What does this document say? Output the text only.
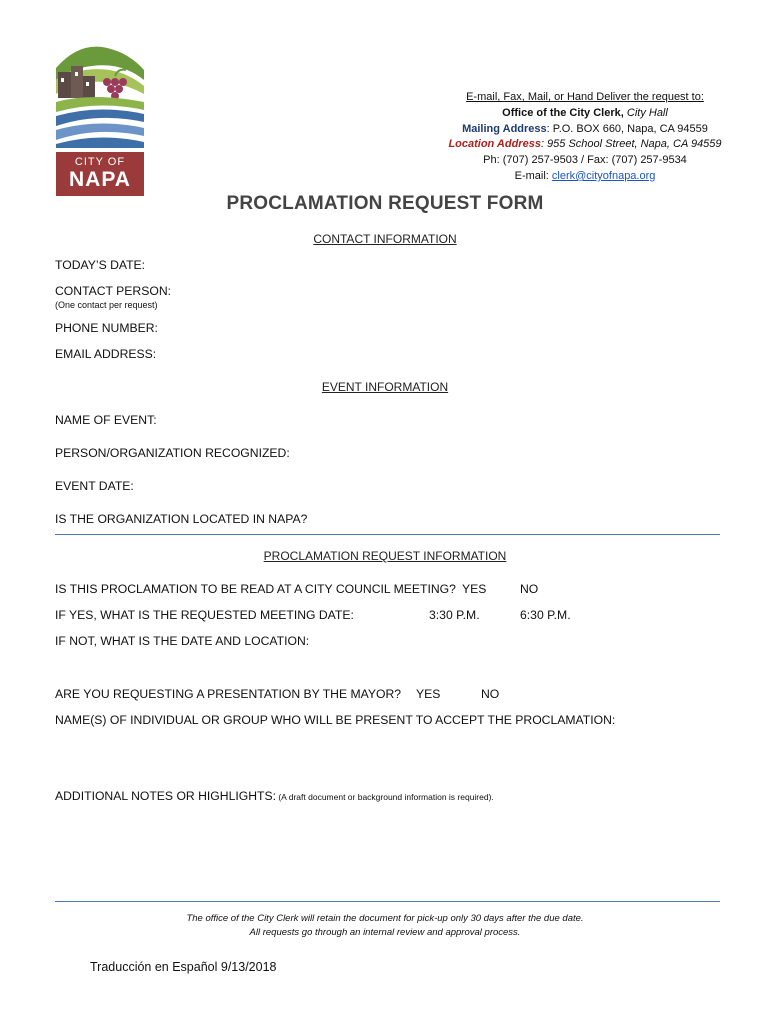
CITY OF
NAPA
E-mail, Fax, Mail, or Hand Deliver the request to:
Office of the City Clerk, City Hall
Mailing Address: P.O. BOX 660, Napa, CA 94559
Location Address: 955 School Street, Napa, CA 94559
Ph: (707) 257-9503 / Fax: (707) 257-9534
E-mail: clerk@cityofnapa.org
PROCLAMATION REQUEST FORM
CONTACT INFORMATION
TODAY’S DATE:
CONTACT PERSON:
(One contact per request)
PHONE NUMBER:
EMAIL ADDRESS:
EVENT INFORMATION
NAME OF EVENT:
PERSON/ORGANIZATION RECOGNIZED:
EVENT DATE:
IS THE ORGANIZATION LOCATED IN NAPA?
PROCLAMATION REQUEST INFORMATION
IS THIS PROCLAMATION TO BE READ AT A CITY COUNCIL MEETING? YES	NO
IF YES, WHAT IS THE REQUESTED MEETING DATE:	3:30 P.M.	6:30 P.M.
IF NOT, WHAT IS THE DATE AND LOCATION:
ARE YOU REQUESTING A PRESENTATION BY THE MAYOR? YES	NO
NAME(S) OF INDIVIDUAL OR GROUP WHO WILL BE PRESENT TO ACCEPT THE PROCLAMATION:
ADDITIONAL NOTES OR HIGHLIGHTS: (A draft document or background information is required).
The office of the City Clerk will retain the document for pick-up only 30 days after the due date.
All requests go through an internal review and approval process.
Traducción en Español 9/13/2018
